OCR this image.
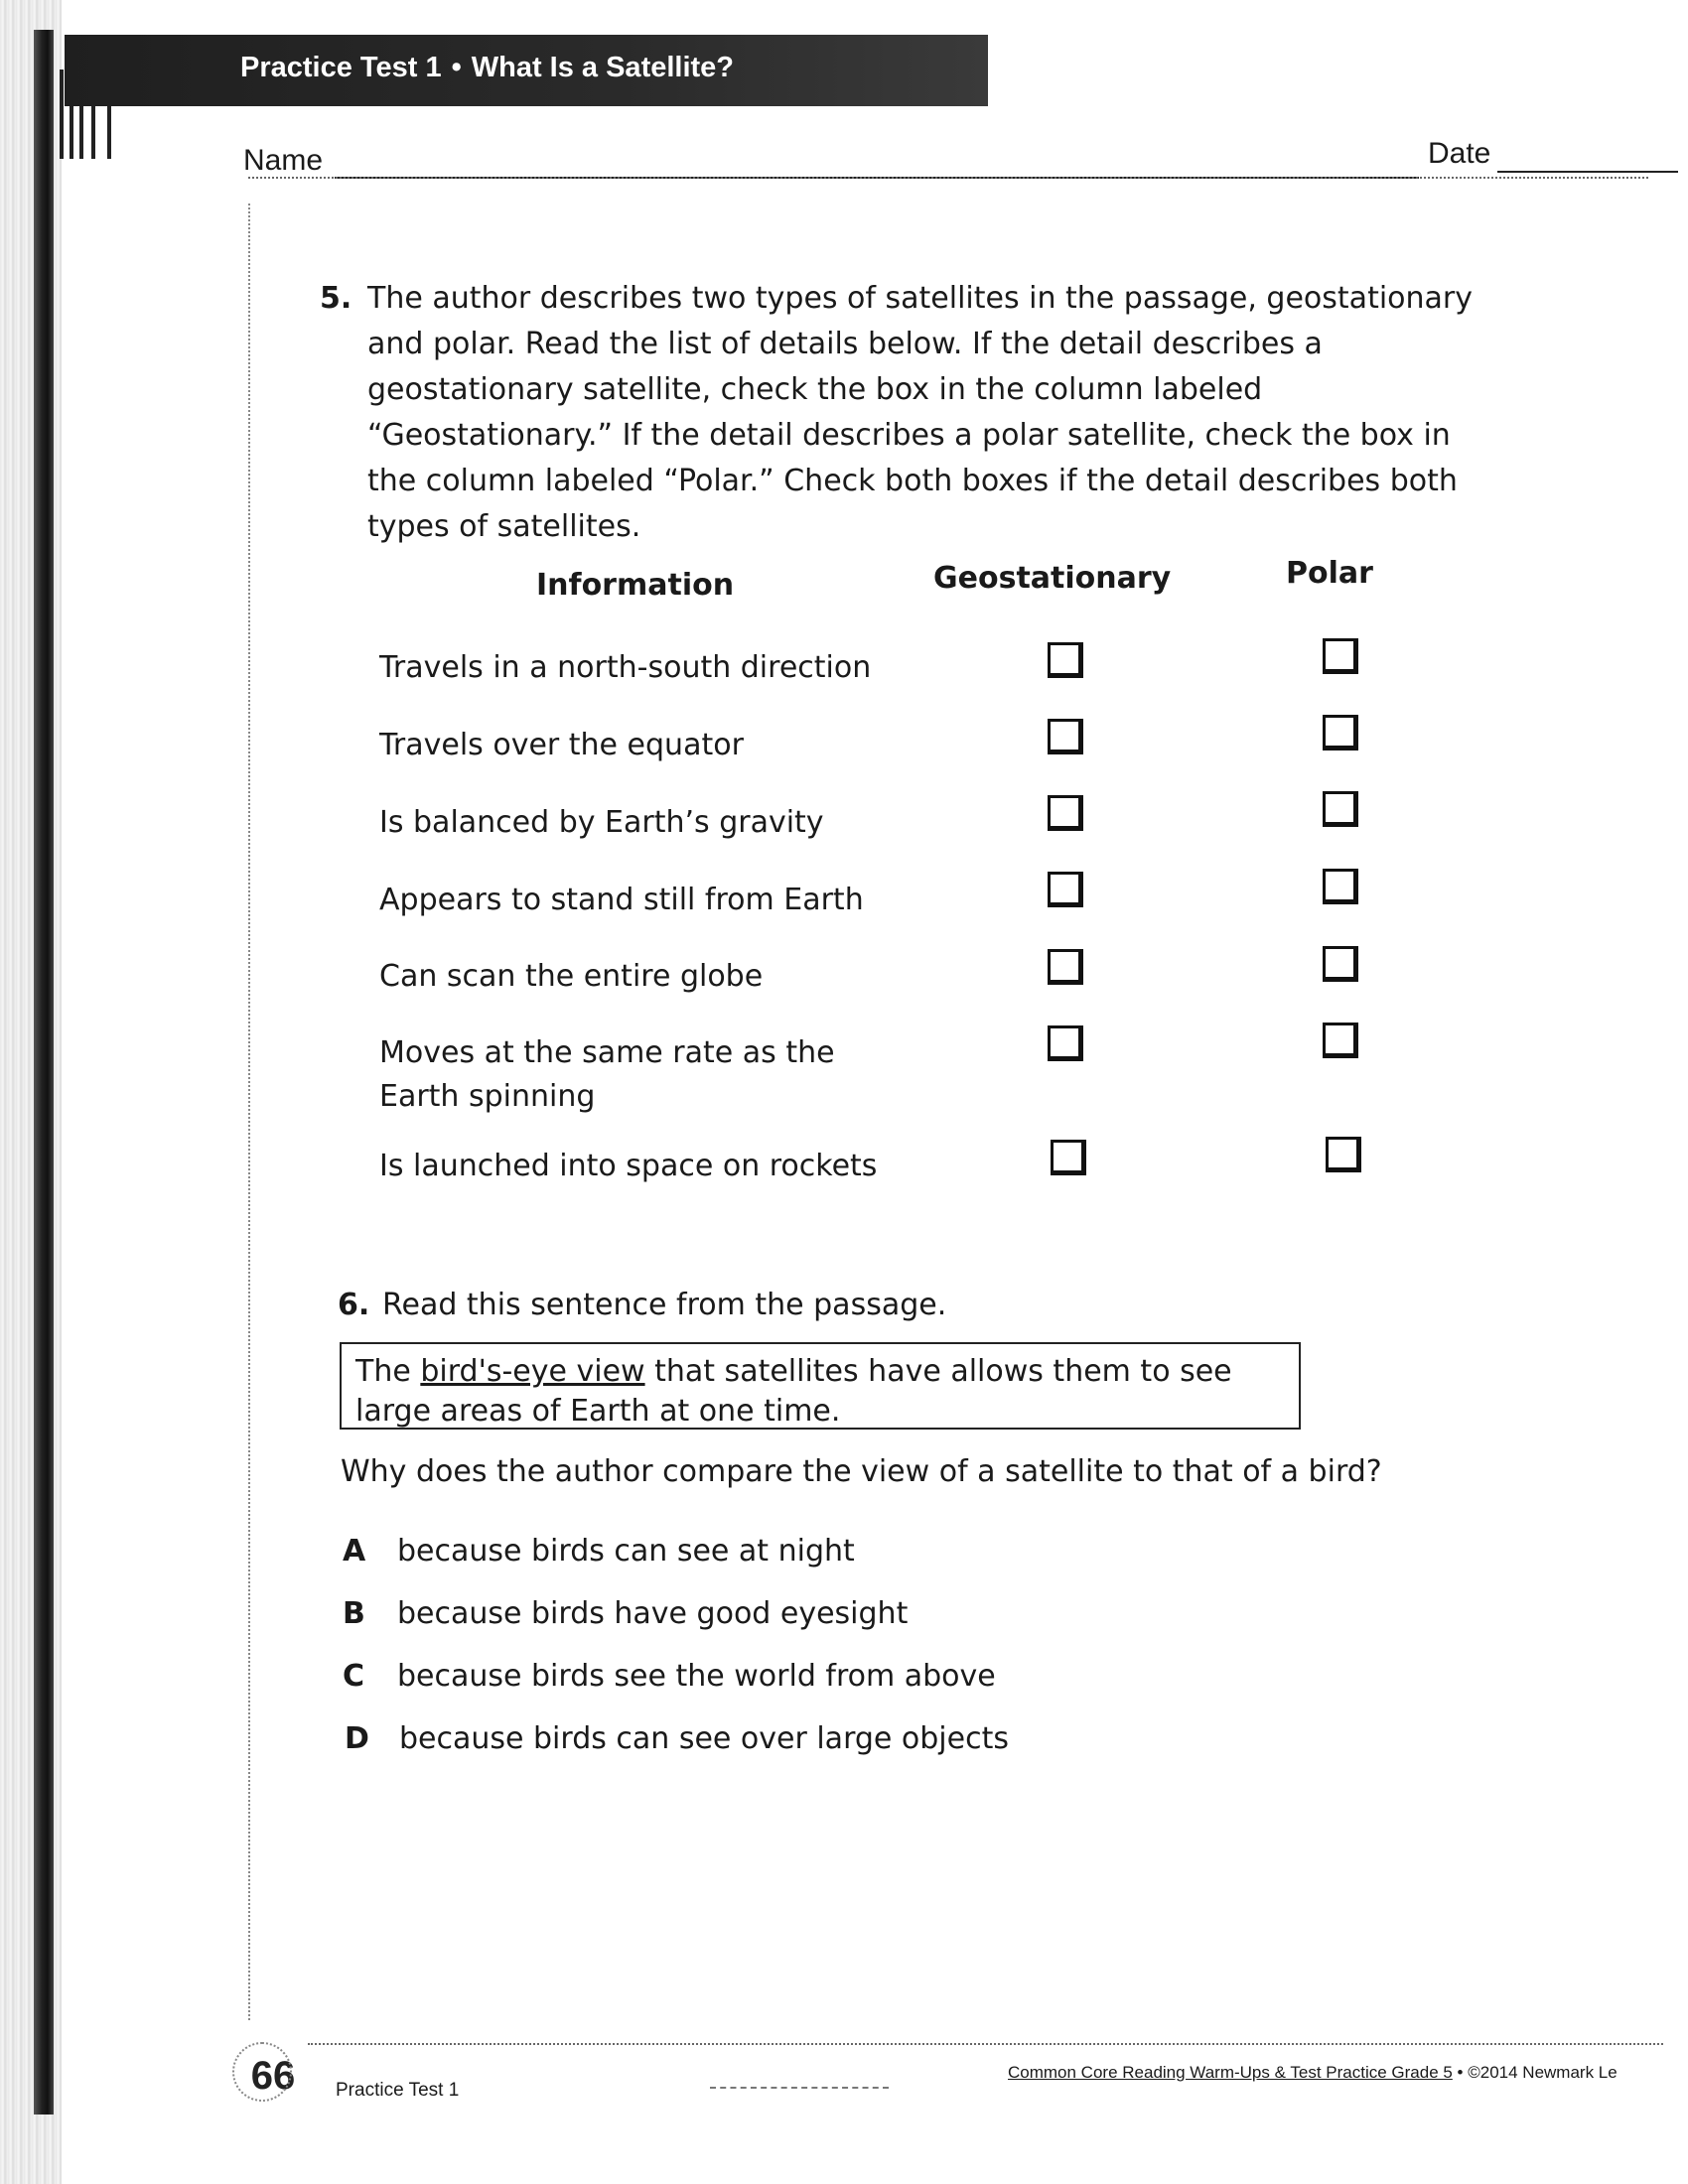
Practice Test 1 • What Is a Satellite?
Name	Date
5. The author describes two types of satellites in the passage, geostationary and polar. Read the list of details below. If the detail describes a geostationary satellite, check the box in the column labeled “Geostationary.” If the detail describes a polar satellite, check the box in the column labeled “Polar.” Check both boxes if the detail describes both types of satellites.
Information	Geostationary	Polar
Travels in a north-south direction
Travels over the equator
Is balanced by Earth’s gravity
Appears to stand still from Earth
Can scan the entire globe
Moves at the same rate as the Earth spinning
Is launched into space on rockets
6. Read this sentence from the passage.
The bird's-eye view that satellites have allows them to see large areas of Earth at one time.
Why does the author compare the view of a satellite to that of a bird?
A because birds can see at night
B because birds have good eyesight
C because birds see the world from above
D because birds can see over large objects
66	Practice Test 1
Common Core Reading Warm-Ups & Test Practice Grade 5 • ©2014 Newmark Le
